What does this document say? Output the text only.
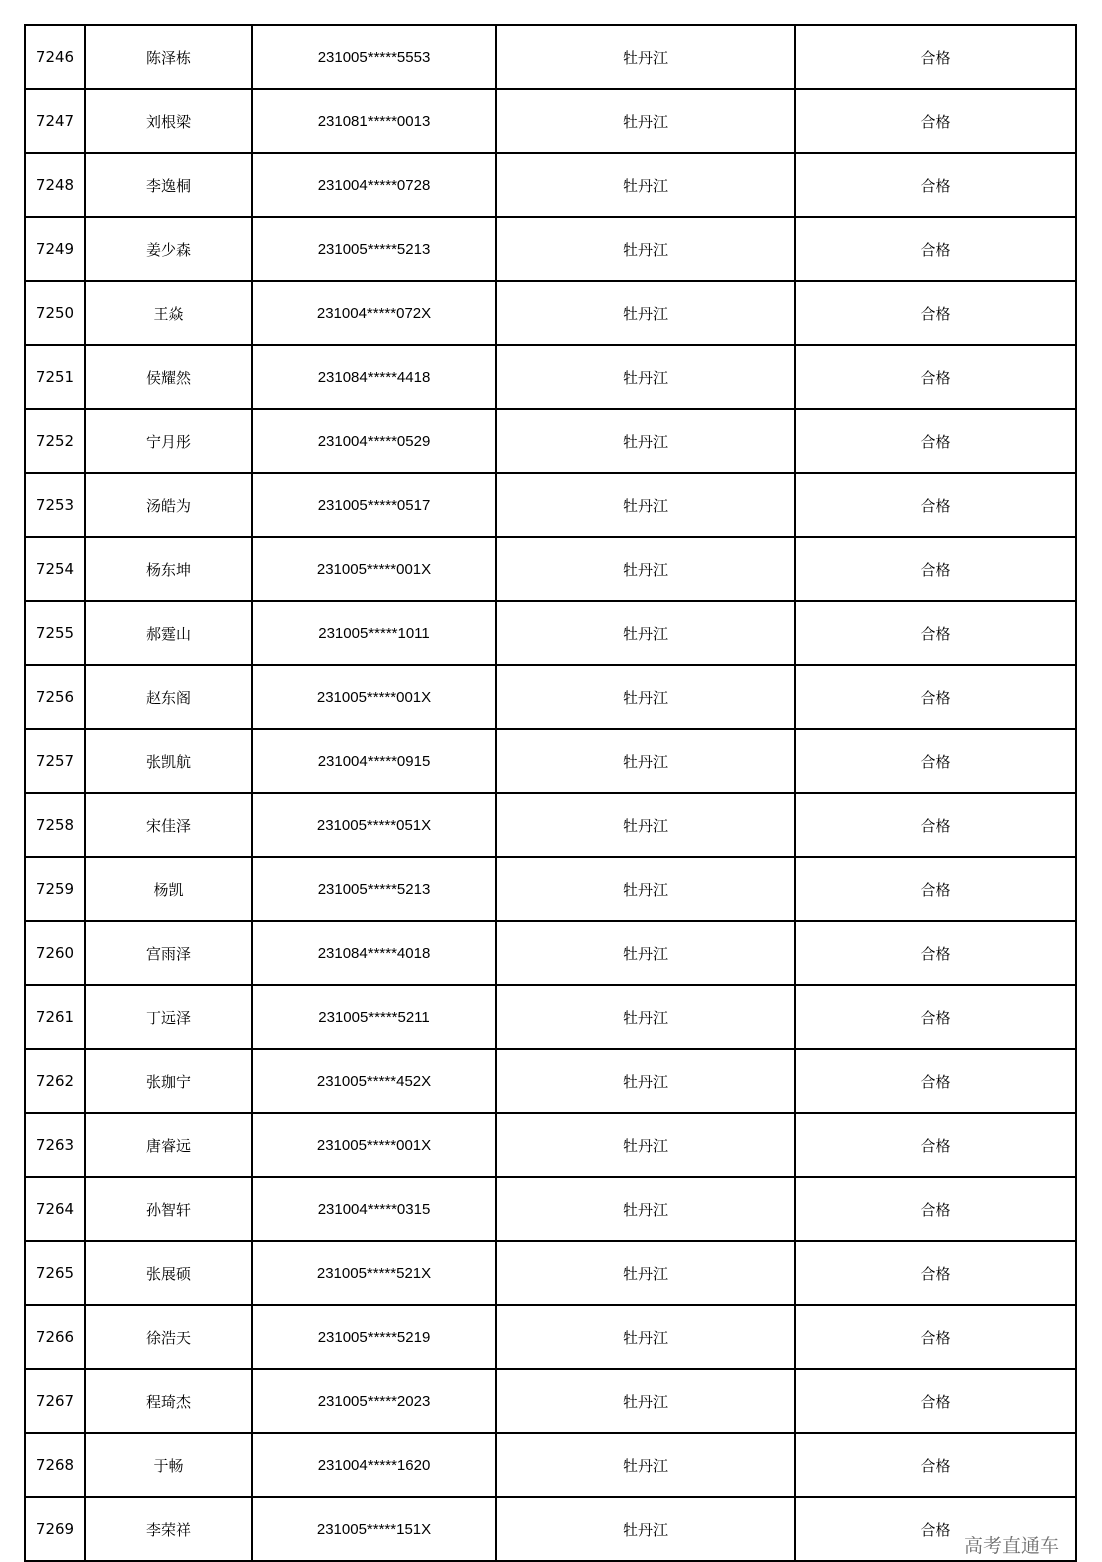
7246	陈泽栋	231005*****5553	牡丹江	合格
7247	刘根梁	231081*****0013	牡丹江	合格
7248	李逸桐	231004*****0728	牡丹江	合格
7249	姜少森	231005*****5213	牡丹江	合格
7250	王焱	231004*****072X	牡丹江	合格
7251	侯耀然	231084*****4418	牡丹江	合格
7252	宁月彤	231004*****0529	牡丹江	合格
7253	汤皓为	231005*****0517	牡丹江	合格
7254	杨东坤	231005*****001X	牡丹江	合格
7255	郝霆山	231005*****1011	牡丹江	合格
7256	赵东阁	231005*****001X	牡丹江	合格
7257	张凯航	231004*****0915	牡丹江	合格
7258	宋佳泽	231005*****051X	牡丹江	合格
7259	杨凯	231005*****5213	牡丹江	合格
7260	宫雨泽	231084*****4018	牡丹江	合格
7261	丁远泽	231005*****5211	牡丹江	合格
7262	张珈宁	231005*****452X	牡丹江	合格
7263	唐睿远	231005*****001X	牡丹江	合格
7264	孙智轩	231004*****0315	牡丹江	合格
7265	张展硕	231005*****521X	牡丹江	合格
7266	徐浩天	231005*****5219	牡丹江	合格
7267	程琦杰	231005*****2023	牡丹江	合格
7268	于畅	231004*****1620	牡丹江	合格
7269	李荣祥	231005*****151X	牡丹江	合格
高考直通车
